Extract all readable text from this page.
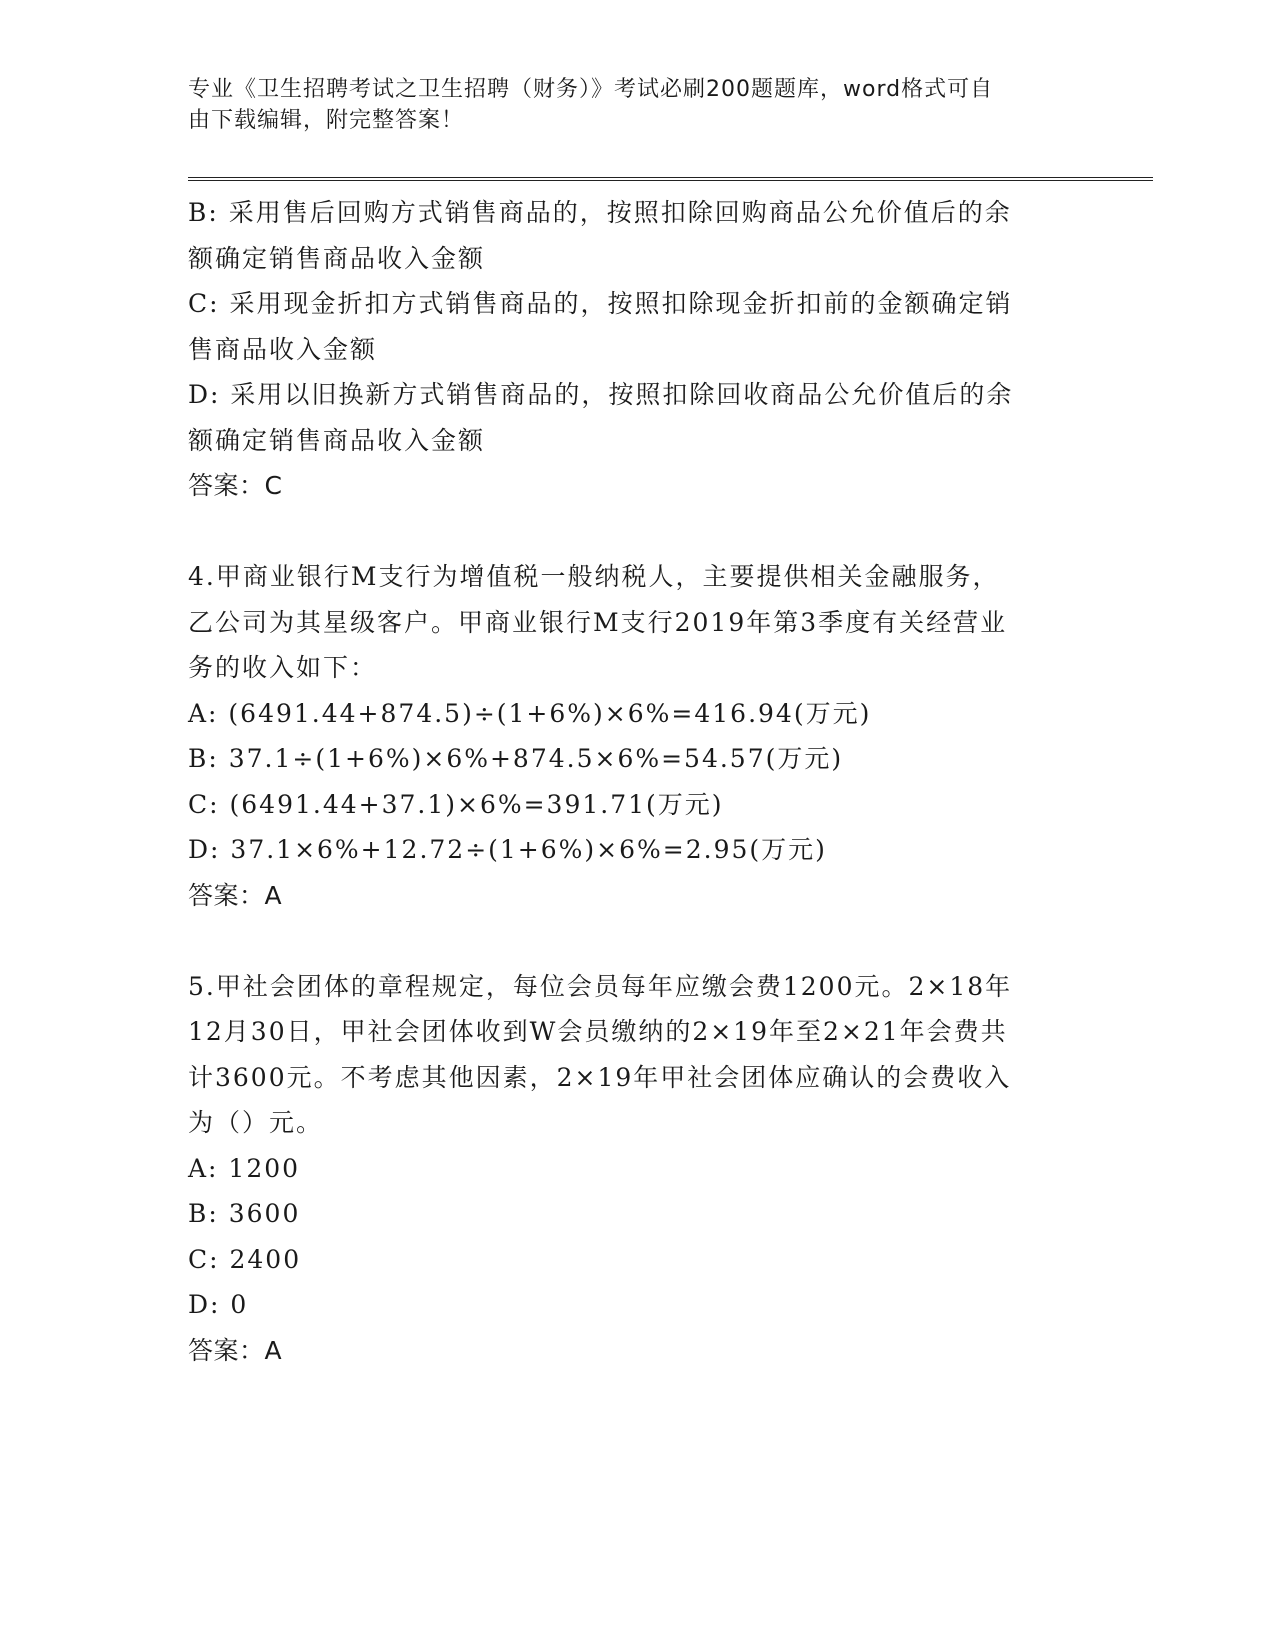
专业《卫生招聘考试之卫生招聘（财务）》考试必刷200题题库，word格式可自
由下载编辑，附完整答案！

B: 采用售后回购方式销售商品的，按照扣除回购商品公允价值后的余

额确定销售商品收入金额

C: 采用现金折扣方式销售商品的，按照扣除现金折扣前的金额确定销

售商品收入金额

D: 采用以旧换新方式销售商品的，按照扣除回收商品公允价值后的余

额确定销售商品收入金额

答案：C

4.甲商业银行M支行为增值税一般纳税人，主要提供相关金融服务，

乙公司为其星级客户。甲商业银行M支行2019年第3季度有关经营业

务的收入如下：

A: (6491.44+874.5)÷(1+6%)×6%=416.94(万元)

B: 37.1÷(1+6%)×6%+874.5×6%=54.57(万元)

C: (6491.44+37.1)×6%=391.71(万元)

D: 37.1×6%+12.72÷(1+6%)×6%=2.95(万元)

答案：A

5.甲社会团体的章程规定，每位会员每年应缴会费1200元。2×18年

12月30日，甲社会团体收到W会员缴纳的2×19年至2×21年会费共

计3600元。不考虑其他因素，2×19年甲社会团体应确认的会费收入

为（）元。

A: 1200

B: 3600

C: 2400

D: 0

答案：A
